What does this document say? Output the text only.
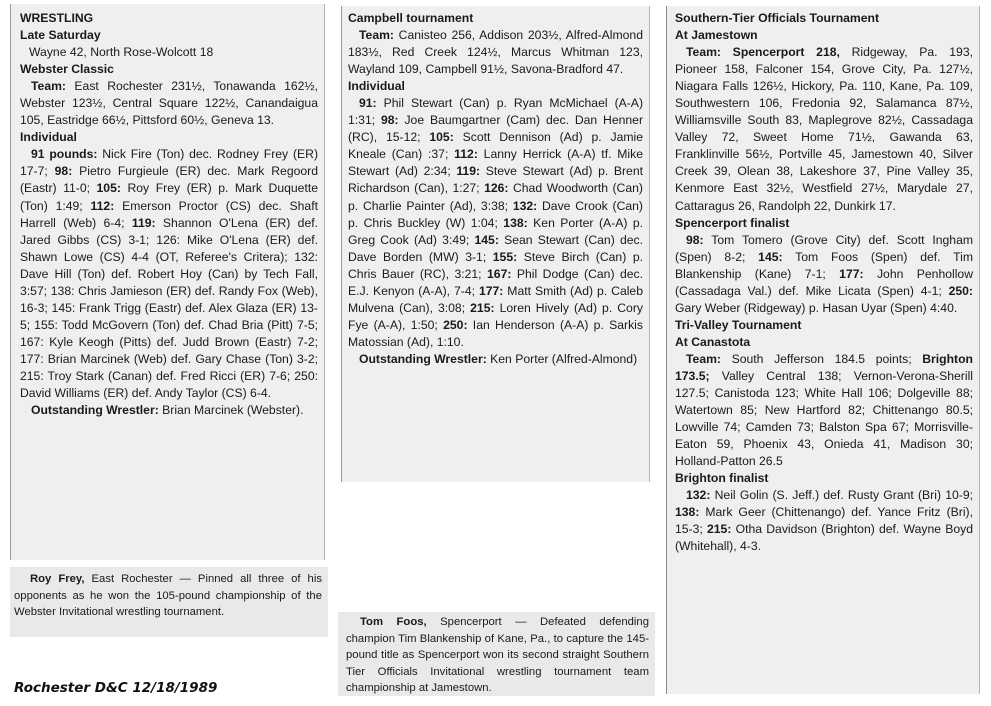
WRESTLING

Late Saturday

Wayne 42, North Rose-Wolcott 18

Webster Classic

Team: East Rochester 231½, Tonawanda 162½, Webster 123½, Central Square 122½, Canandaigua 105, Eastridge 66½, Pittsford 60½, Geneva 13.

Individual

91 pounds: Nick Fire (Ton) dec. Rodney Frey (ER) 17-7; 98: Pietro Furgieule (ER) dec. Mark Regoord (Eastr) 11-0; 105: Roy Frey (ER) p. Mark Duquette (Ton) 1:49; 112: Emerson Proctor (CS) dec. Shaft Harrell (Web) 6-4; 119: Shannon O'Lena (ER) def. Jared Gibbs (CS) 3-1; 126: Mike O'Lena (ER) def. Shawn Lowe (CS) 4-4 (OT, Referee's Critera); 132: Dave Hill (Ton) def. Robert Hoy (Can) by Tech Fall, 3:57; 138: Chris Jamieson (ER) def. Randy Fox (Web), 16-3; 145: Frank Trigg (Eastr) def. Alex Glaza (ER) 13-5; 155: Todd McGovern (Ton) def. Chad Bria (Pitt) 7-5; 167: Kyle Keogh (Pitts) def. Judd Brown (Eastr) 7-2; 177: Brian Marcinek (Web) def. Gary Chase (Ton) 3-2; 215: Troy Stark (Canan) def. Fred Ricci (ER) 7-6; 250: David Williams (ER) def. Andy Taylor (CS) 6-4.

Outstanding Wrestler: Brian Marcinek (Webster).

Roy Frey, East Rochester — Pinned all three of his opponents as he won the 105-pound championship of the Webster Invitational wrestling tournament.

Campbell tournament

Team: Canisteo 256, Addison 203½, Alfred-Almond 183½, Red Creek 124½, Marcus Whitman 123, Wayland 109, Campbell 91½, Savona-Bradford 47.

Individual

91: Phil Stewart (Can) p. Ryan McMichael (A-A) 1:31; 98: Joe Baumgartner (Cam) dec. Dan Henner (RC), 15-12; 105: Scott Dennison (Ad) p. Jamie Kneale (Can) :37; 112: Lanny Herrick (A-A) tf. Mike Stewart (Ad) 2:34; 119: Steve Stewart (Ad) p. Brent Richardson (Can), 1:27; 126: Chad Woodworth (Can) p. Charlie Painter (Ad), 3:38; 132: Dave Crook (Can) p. Chris Buckley (W) 1:04; 138: Ken Porter (A-A) p. Greg Cook (Ad) 3:49; 145: Sean Stewart (Can) dec. Dave Borden (MW) 3-1; 155: Steve Birch (Can) p. Chris Bauer (RC), 3:21; 167: Phil Dodge (Can) dec. E.J. Kenyon (A-A), 7-4; 177: Matt Smith (Ad) p. Caleb Mulvena (Can), 3:08; 215: Loren Hively (Ad) p. Cory Fye (A-A), 1:50; 250: Ian Henderson (A-A) p. Sarkis Matossian (Ad), 1:10.

Outstanding Wrestler: Ken Porter (Alfred-Almond)

Tom Foos, Spencerport — Defeated defending champion Tim Blankenship of Kane, Pa., to capture the 145-pound title as Spencerport won its second straight Southern Tier Officials Invitational wrestling tournament team championship at Jamestown.

Southern-Tier Officials Tournament

At Jamestown

Team: Spencerport 218, Ridgeway, Pa. 193, Pioneer 158, Falconer 154, Grove City, Pa. 127½, Niagara Falls 126½, Hickory, Pa. 110, Kane, Pa. 109, Southwestern 106, Fredonia 92, Salamanca 87½, Williamsville South 83, Maplegrove 82½, Cassadaga Valley 72, Sweet Home 71½, Gawanda 63, Franklinville 56½, Portville 45, Jamestown 40, Silver Creek 39, Olean 38, Lakeshore 37, Pine Valley 35, Kenmore East 32½, Westfield 27½, Marydale 27, Cattaragus 26, Randolph 22, Dunkirk 17.

Spencerport finalist

98: Tom Tomero (Grove City) def. Scott Ingham (Spen) 8-2; 145: Tom Foos (Spen) def. Tim Blankenship (Kane) 7-1; 177: John Penhollow (Cassadaga Val.) def. Mike Licata (Spen) 4-1; 250: Gary Weber (Ridgeway) p. Hasan Uyar (Spen) 4:40.

Tri-Valley Tournament

At Canastota

Team: South Jefferson 184.5 points; Brighton 173.5; Valley Central 138; Vernon-Verona-Sherill 127.5; Canistoda 123; White Hall 106; Dolgeville 88; Watertown 85; New Hartford 82; Chittenango 80.5; Lowville 74; Camden 73; Balston Spa 67; Morrisville-Eaton 59, Phoenix 43, Onieda 41, Madison 30; Holland-Patton 26.5

Brighton finalist

132: Neil Golin (S. Jeff.) def. Rusty Grant (Bri) 10-9; 138: Mark Geer (Chittenango) def. Yance Fritz (Bri), 15-3; 215: Otha Davidson (Brighton) def. Wayne Boyd (Whitehall), 4-3.

Rochester D&C 12/18/1989
